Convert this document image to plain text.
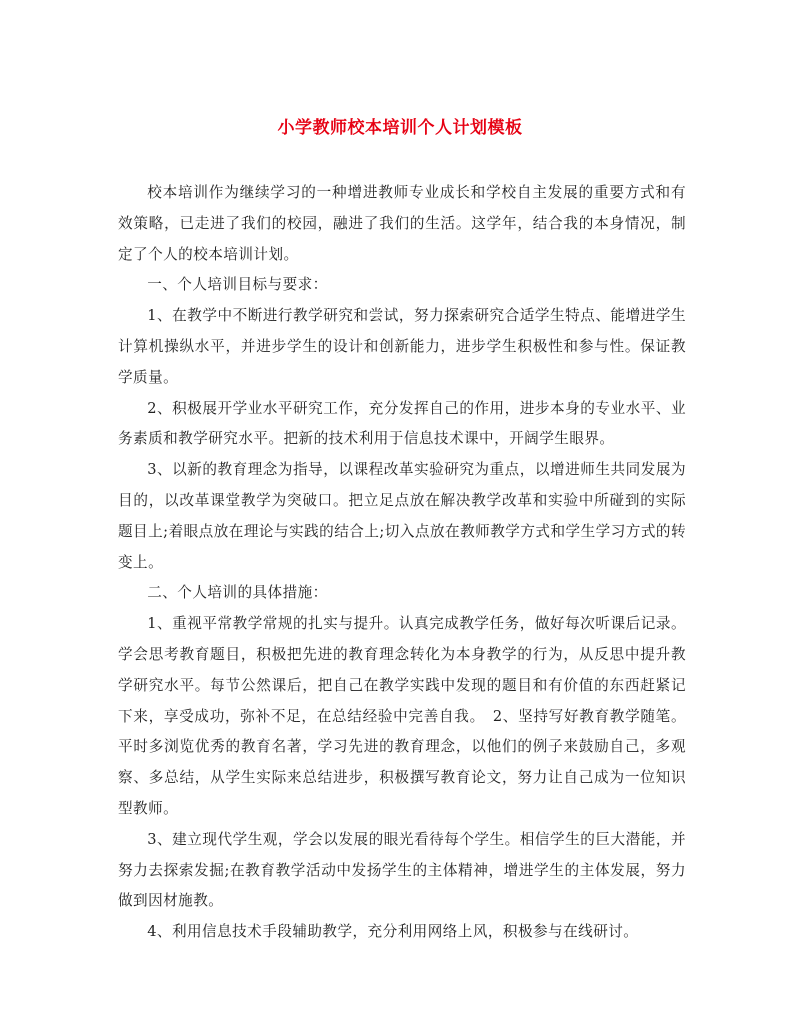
小学教师校本培训个人计划模板

校本培训作为继续学习的一种增进教师专业成长和学校自主发展的重要方式和有效策略，已走进了我们的校园，融进了我们的生活。这学年，结合我的本身情况，制定了个人的校本培训计划。

一、个人培训目标与要求：

1、在教学中不断进行教学研究和尝试，努力探索研究合适学生特点、能增进学生计算机操纵水平，并进步学生的设计和创新能力，进步学生积极性和参与性。保证教学质量。

2、积极展开学业水平研究工作，充分发挥自己的作用，进步本身的专业水平、业务素质和教学研究水平。把新的技术利用于信息技术课中，开阔学生眼界。

3、以新的教育理念为指导，以课程改革实验研究为重点，以增进师生共同发展为目的，以改革课堂教学为突破口。把立足点放在解决教学改革和实验中所碰到的实际题目上;着眼点放在理论与实践的结合上;切入点放在教师教学方式和学生学习方式的转变上。

二、个人培训的具体措施：

1、重视平常教学常规的扎实与提升。认真完成教学任务，做好每次听课后记录。学会思考教育题目，积极把先进的教育理念转化为本身教学的行为，从反思中提升教学研究水平。每节公然课后，把自己在教学实践中发现的题目和有价值的东西赶紧记下来，享受成功，弥补不足，在总结经验中完善自我。　2、坚持写好教育教学随笔。平时多浏览优秀的教育名著，学习先进的教育理念，以他们的例子来鼓励自己，多观察、多总结，从学生实际来总结进步，积极撰写教育论文，努力让自己成为一位知识型教师。

3、建立现代学生观，学会以发展的眼光看待每个学生。相信学生的巨大潜能，并努力去探索发掘;在教育教学活动中发扬学生的主体精神，增进学生的主体发展，努力做到因材施教。

4、利用信息技术手段辅助教学，充分利用网络上风，积极参与在线研讨。
